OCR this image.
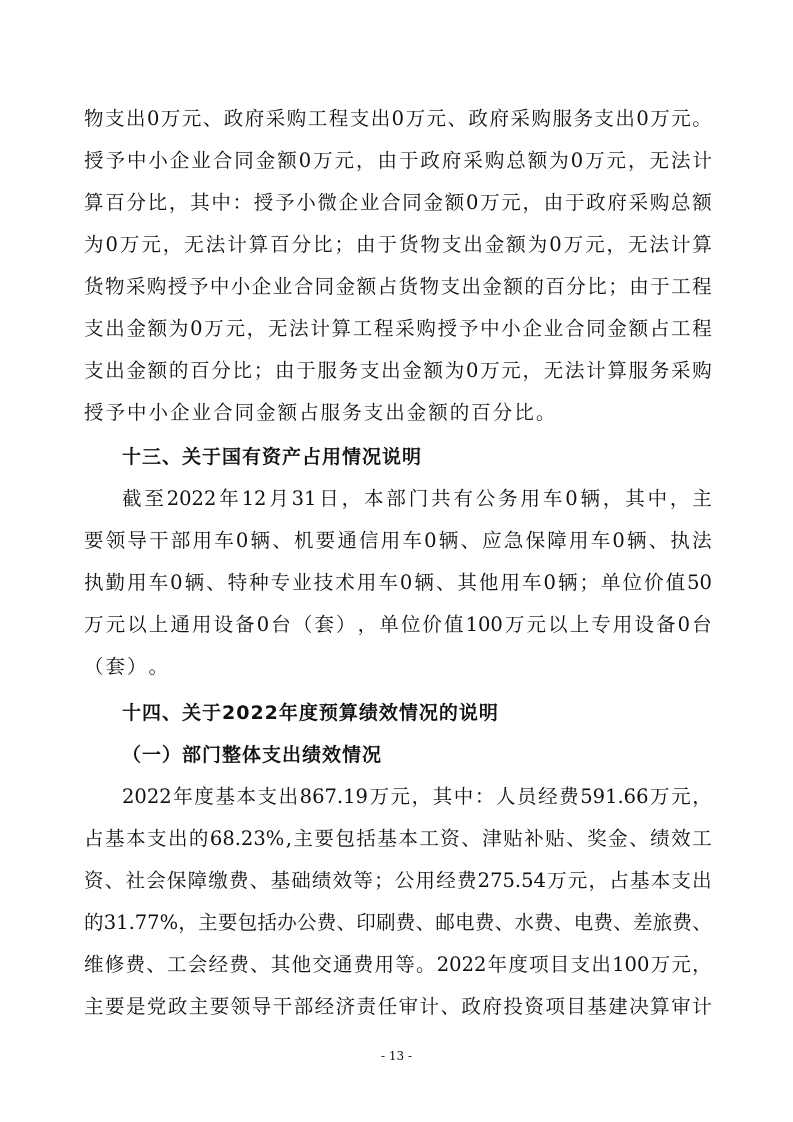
物 支 出 0 万 元 、 政 府 采 购 工 程 支 出 0 万 元 、 政 府 采 购 服 务 支 出 0 万 元 。
授 予 中 小 企 业 合 同 金 额 0 万 元 ， 由 于 政 府 采 购 总 额 为 0 万 元 ， 无 法 计
算 百 分 比 ， 其 中 ： 授 予 小 微 企 业 合 同 金 额 0 万 元 ， 由 于 政 府 采 购 总 额
为 0 万 元 ， 无 法 计 算 百 分 比 ； 由 于 货 物 支 出 金 额 为 0 万 元 ， 无 法 计 算
货 物 采 购 授 予 中 小 企 业 合 同 金 额 占 货 物 支 出 金 额 的 百 分 比 ； 由 于 工 程
支 出 金 额 为 0 万 元 ， 无 法 计 算 工 程 采 购 授 予 中 小 企 业 合 同 金 额 占 工 程
支 出 金 额 的 百 分 比 ； 由 于 服 务 支 出 金 额 为 0 万 元 ， 无 法 计 算 服 务 采 购
授 予 中 小 企 业 合 同 金 额 占 服 务 支 出 金 额 的 百 分 比 。
十三、关于国有资产占用情况说明
截 至 2022 年 12 月 31 日 ， 本 部 门 共 有 公 务 用 车 0 辆 ， 其 中 ， 主
要 领 导 干 部 用 车 0 辆 、 机 要 通 信 用 车 0 辆 、 应 急 保 障 用 车 0 辆 、 执 法
执 勤 用 车 0 辆 、 特 种 专 业 技 术 用 车 0 辆 、 其 他 用 车 0 辆 ； 单 位 价 值 50
万 元 以 上 通 用 设 备 0 台 （ 套 ） ， 单 位 价 值 100 万 元 以 上 专 用 设 备 0 台
（ 套 ） 。
十四、关于2022年度预算绩效情况的说明
（一）部门整体支出绩效情况
2022 年 度 基 本 支 出 867.19 万 元 ， 其 中 ： 人 员 经 费 591.66 万 元 ，
占 基 本 支 出 的 68.23% , 主 要 包 括 基 本 工 资 、 津 贴 补 贴 、 奖 金 、 绩 效 工
资 、 社 会 保 障 缴 费 、 基 础 绩 效 等 ； 公 用 经 费 275.54 万 元 ， 占 基 本 支 出
的 31.77% ， 主 要 包 括 办 公 费 、 印 刷 费 、 邮 电 费 、 水 费 、 电 费 、 差 旅 费 、
维 修 费 、 工 会 经 费 、 其 他 交 通 费 用 等 。 2022 年 度 项 目 支 出 100 万 元 ，
主 要 是 党 政 主 要 领 导 干 部 经 济 责 任 审 计 、 政 府 投 资 项 目 基 建 决 算 审 计
- 13 -
